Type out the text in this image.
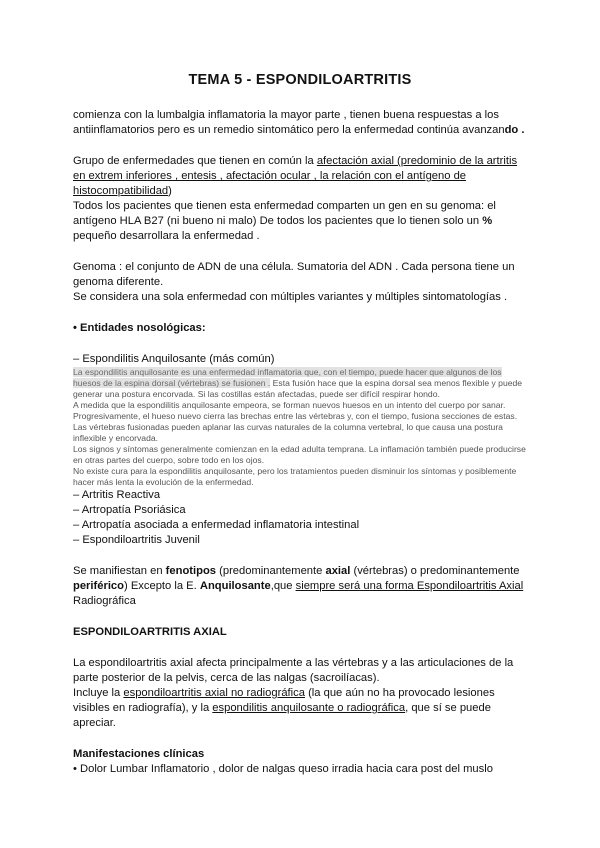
TEMA 5 - ESPONDILOARTRITIS

comienza con la lumbalgia inflamatoria la mayor parte , tienen buena respuestas a los antiinflamatorios pero es un remedio sintomático pero la enfermedad continúa avanzando .

Grupo de enfermedades que tienen en común la afectación axial (predominio de la artritis en extrem inferiores , entesis , afectación ocular , la relación con el antígeno de histocompatibilidad)

Todos los pacientes que tienen esta enfermedad comparten un gen en su genoma: el antígeno HLA B27 (ni bueno ni malo) De todos los pacientes que lo tienen solo un % pequeño desarrollara la enfermedad .

Genoma : el conjunto de ADN de una célula. Sumatoria del ADN . Cada persona tiene un genoma diferente.

Se considera una sola enfermedad con múltiples variantes y múltiples sintomatologías .

• Entidades nosológicas:

– Espondilitis Anquilosante (más común)

La espondilitis anquilosante es una enfermedad inflamatoria que, con el tiempo, puede hacer que algunos de los huesos de la espina dorsal (vértebras) se fusionen . Esta fusión hace que la espina dorsal sea menos flexible y puede generar una postura encorvada. Si las costillas están afectadas, puede ser difícil respirar hondo.

A medida que la espondilitis anquilosante empeora, se forman nuevos huesos en un intento del cuerpo por sanar. Progresivamente, el hueso nuevo cierra las brechas entre las vértebras y, con el tiempo, fusiona secciones de estas. Las vértebras fusionadas pueden aplanar las curvas naturales de la columna vertebral, lo que causa una postura inflexible y encorvada.

Los signos y síntomas generalmente comienzan en la edad adulta temprana. La inflamación también puede producirse en otras partes del cuerpo, sobre todo en los ojos.

No existe cura para la espondilitis anquilosante, pero los tratamientos pueden disminuir los síntomas y posiblemente hacer más lenta la evolución de la enfermedad.

– Artritis Reactiva
– Artropatía Psoriásica
– Artropatía asociada a enfermedad inflamatoria intestinal
– Espondiloartritis Juvenil

Se manifiestan en fenotipos (predominantemente axial (vértebras) o predominantemente periférico) Excepto la E. Anquilosante,que siempre será una forma Espondiloartritis Axial Radiográfica

ESPONDILOARTRITIS AXIAL

La espondiloartritis axial afecta principalmente a las vértebras y a las articulaciones de la parte posterior de la pelvis, cerca de las nalgas (sacroilíacas).

Incluye la espondiloartritis axial no radiográfica (la que aún no ha provocado lesiones visibles en radiografía), y la espondilitis anquilosante o radiográfica, que sí se puede apreciar.

Manifestaciones clínicas

• Dolor Lumbar Inflamatorio , dolor de nalgas queso irradia hacia cara post del muslo
